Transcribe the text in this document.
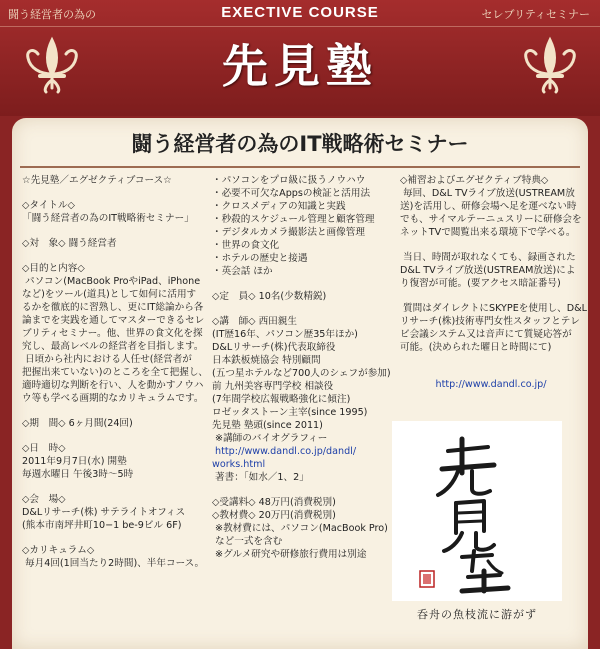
闘う経営者の為の	EXECTIVE COURSE	セレブリティセミナー
先見塾
闘う経営者の為のIT戦略術セミナー
☆先見塾／エグゼクティブコース☆
◇タイトル◇
「闘う経営者の為のIT戦略術セミナー」
◇対　象◇ 闘う経営者
◇目的と内容◇
パソコン(MacBook ProやiPad、iPhone
など)をツール(道具)として如何に活用す
るかを徹底的に習熟し、更にIT総論から各
論までを実践を通してマスターできるセレ
ブリティセミナー。他、世界の食文化を探
究し、最高レベルの経営者を目指します。
日頃から社内における人任せ(経営者が
把握出来ていない)のところを全て把握し、
適時適切な判断を行い、人を動かすノウハ
ウ等も学べる画期的なカリキュラムです。
◇期　間◇ 6ヶ月間(24回)
◇日　時◇
2011年9月7日(水) 開塾
毎週水曜日 午後3時〜5時
◇会　場◇
D&Lリサーチ(株) サテライトオフィス
(熊本市南坪井町10−1 be-9ビル 6F)
◇カリキュラム◇
毎月4回(1回当たり2時間)、半年コース。
・パソコンをプロ級に扱うノウハウ
・必要不可欠なAppsの検証と活用法
・クロスメディアの知識と実践
・秒殺的スケジュール管理と顧客管理
・デジタルカメラ撮影法と画像管理
・世界の食文化
・ホテルの歴史と接遇
・英会話 ほか
◇定　員◇ 10名(少数精鋭)
◇講　師◇ 西田親生
(IT歴16年、パソコン歴35年ほか)
D&Lリサーチ(株)代表取締役
日本鉄板焼協会 特別顧問
(五つ星ホテルなど700人のシェフが参加)
前 九州美容専門学校 相談役
(7年間学校広報戦略強化に傾注)
ロゼッタストーン主宰(since 1995)
先見塾 塾頭(since 2011)
※講師のバイオグラフィー
http://www.dandl.co.jp/dandl/
works.html
著書：「如水／1、2」
◇受講料◇ 48万円(消費税別)
◇教材費◇ 20万円(消費税別)
※教材費には、パソコン(MacBook Pro)
など一式を含む
※グルメ研究や研修旅行費用は別途
◇補習およびエグゼクティブ特典◇
毎回、D&L TVライブ放送(USTREAM放
送)を活用し、研修会場へ足を運べない時
でも、サイマルテーニュスリーに研修会を
ネットTVで閲覧出来る環境下で学べる。
当日、時間が取れなくても、録画された
D&L TVライブ放送(USTREAM放送)によ
り復習が可能。(要アクセス暗証番号)
質問はダイレクトにSKYPEを使用し、D&L
リサーチ(株)技術専門女性スタッフとテレ
ビ会議システム又は音声にて質疑応答が
可能。(決められた曜日と時間にて)
http://www.dandl.co.jp/
呑舟の魚枝流に游がず
